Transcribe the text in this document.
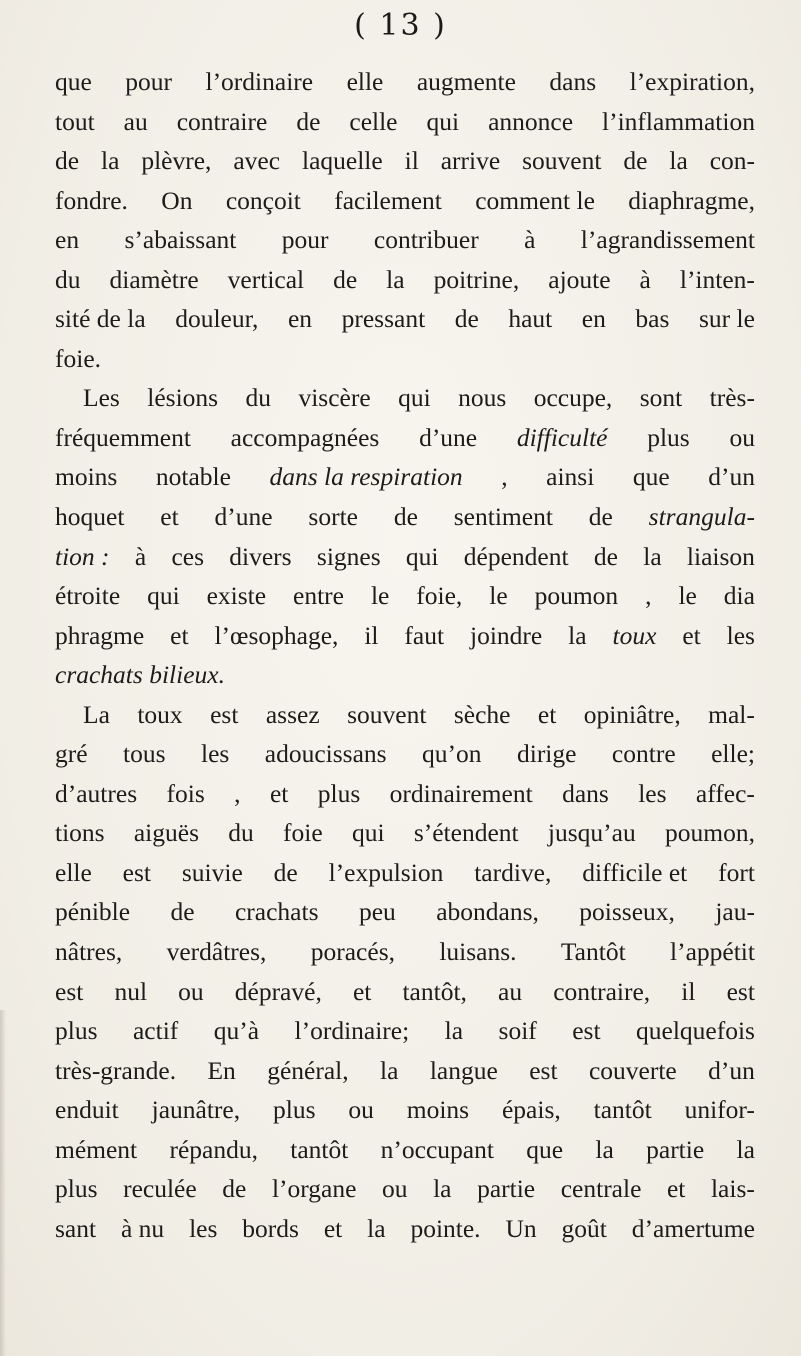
( 13 )
que pour l’ordinaire elle augmente dans l’expiration,
tout au contraire de celle qui annonce l’inflammation
de la plèvre, avec laquelle il arrive souvent de la con-
fondre. On conçoit facilement comment le diaphragme,
en s’abaissant pour contribuer à l’agrandissement
du diamètre vertical de la poitrine, ajoute à l’inten-
sité de la douleur, en pressant de haut en bas sur le
foie.
Les lésions du viscère qui nous occupe, sont très-
fréquemment accompagnées d’une difficulté plus ou
moins notable dans la respiration , ainsi que d’un
hoquet et d’une sorte de sentiment de strangula-
tion : à ces divers signes qui dépendent de la liaison
étroite qui existe entre le foie, le poumon , le dia
phragme et l’œsophage, il faut joindre la toux et les
crachats bilieux.
La toux est assez souvent sèche et opiniâtre, mal-
gré tous les adoucissans qu’on dirige contre elle;
d’autres fois , et plus ordinairement dans les affec-
tions aiguës du foie qui s’étendent jusqu’au poumon,
elle est suivie de l’expulsion tardive, difficile et fort
pénible de crachats peu abondans, poisseux, jau-
nâtres, verdâtres, poracés, luisans. Tantôt l’appétit
est nul ou dépravé, et tantôt, au contraire, il est
plus actif qu’à l’ordinaire; la soif est quelquefois
très-grande. En général, la langue est couverte d’un
enduit jaunâtre, plus ou moins épais, tantôt unifor-
mément répandu, tantôt n’occupant que la partie la
plus reculée de l’organe ou la partie centrale et lais-
sant à nu les bords et la pointe. Un goût d’amertume
